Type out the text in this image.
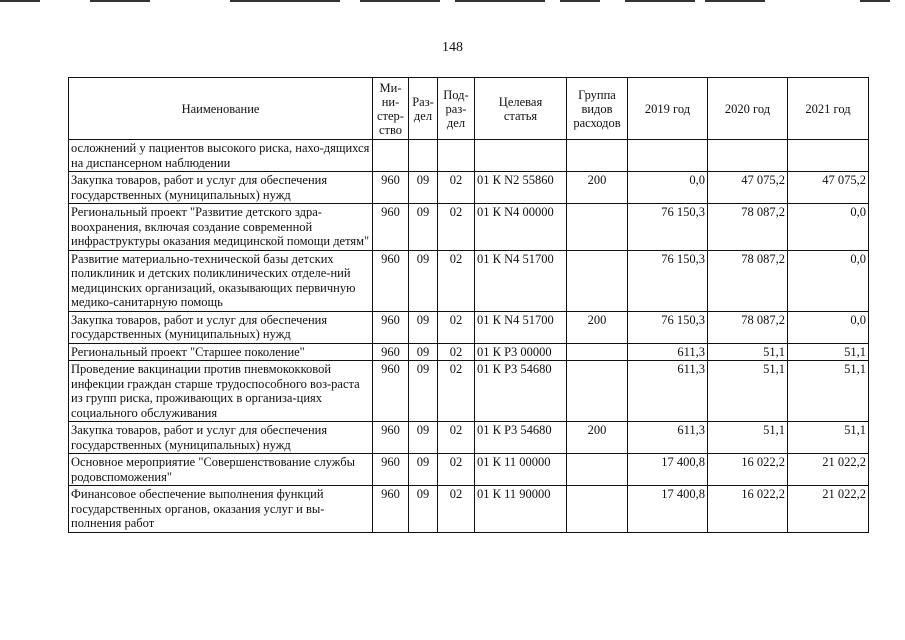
148
Наименование	Ми-ни-стер-ство	Раз-дел	Под-раз-дел	Целевая статья	Группа видов расходов	2019 год	2020 год	2021 год
осложнений у пациентов высокого риска, нахо-дящихся на диспансерном наблюдении								
Закупка товаров, работ и услуг для обеспечения государственных (муниципальных) нужд	960	09	02	01 К N2 55860	200	0,0	47 075,2	47 075,2
Региональный проект "Развитие детского здра-воохранения, включая создание современной инфраструктуры оказания медицинской помощи детям"	960	09	02	01 К N4 00000		76 150,3	78 087,2	0,0
Развитие материально-технической базы детских поликлиник и детских поликлинических отделе-ний медицинских организаций, оказывающих первичную медико-санитарную помощь	960	09	02	01 К N4 51700		76 150,3	78 087,2	0,0
Закупка товаров, работ и услуг для обеспечения государственных (муниципальных) нужд	960	09	02	01 К N4 51700	200	76 150,3	78 087,2	0,0
Региональный проект "Старшее поколение"	960	09	02	01 К P3 00000		611,3	51,1	51,1
Проведение вакцинации против пневмококковой инфекции граждан старше трудоспособного воз-раста из групп риска, проживающих в организа-циях социального обслуживания	960	09	02	01 К P3 54680		611,3	51,1	51,1
Закупка товаров, работ и услуг для обеспечения государственных (муниципальных) нужд	960	09	02	01 К P3 54680	200	611,3	51,1	51,1
Основное мероприятие "Совершенствование службы родовспоможения"	960	09	02	01 К 11 00000		17 400,8	16 022,2	21 022,2
Финансовое обеспечение выполнения функций государственных органов, оказания услуг и вы-полнения работ	960	09	02	01 К 11 90000		17 400,8	16 022,2	21 022,2
